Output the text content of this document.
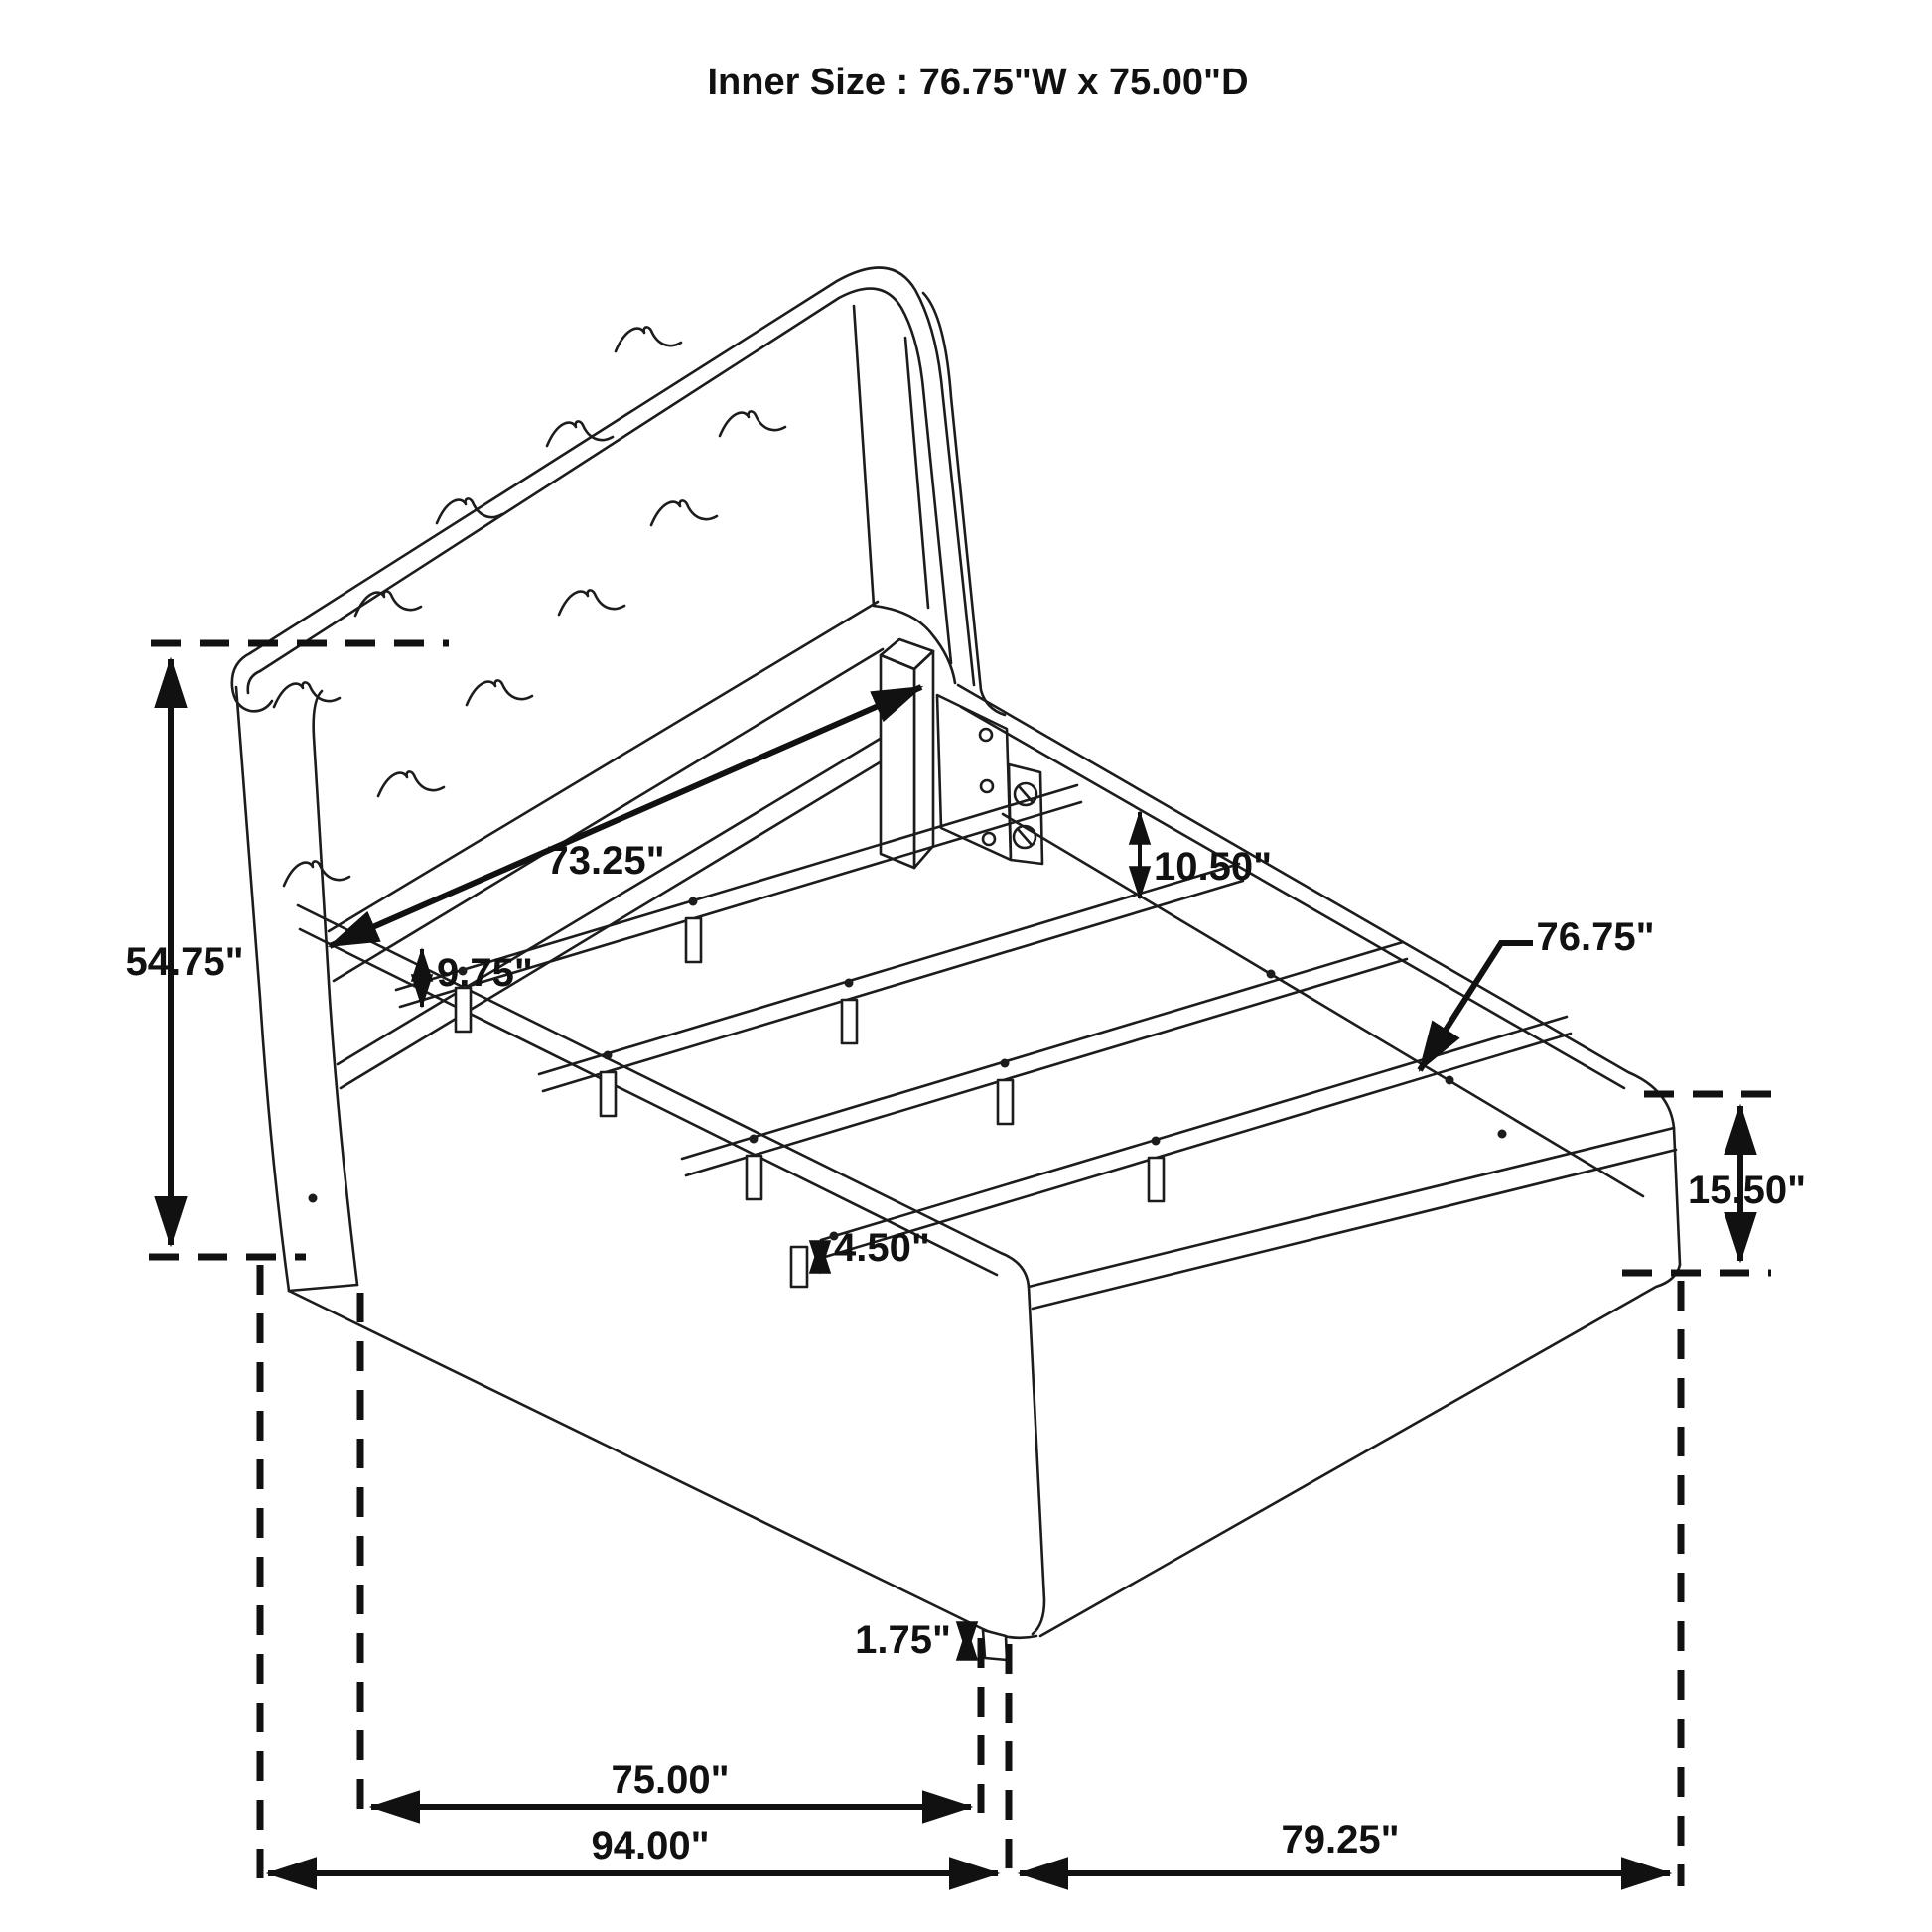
Inner Size : 76.75"W x 75.00"D
54.75"
73.25"
9.75"
10.50"
76.75"
15.50"
4.50"
1.75"
75.00"
94.00"	79.25"
